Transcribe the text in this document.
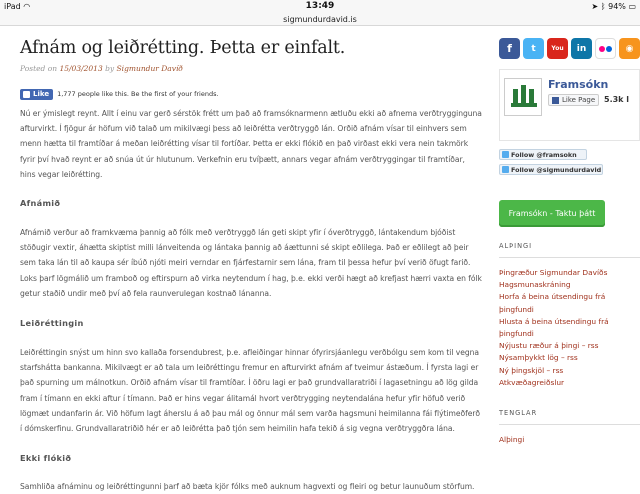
iPad ◠	13:49	➤ ᛒ 94% ▭
sigmundurdavid.is
Afnám og leiðrétting. Þetta er einfalt.
Posted on 15/03/2013 by Sigmundur Davíð
Like 1,777 people like this. Be the first of your friends.

Nú er ýmislegt reynt. Allt í einu var gerð sérstök frétt um það að framsóknarmenn ætluðu ekki að afnema verðtrygginguna afturvirkt. Í fjögur ár höfum við talað um mikilvægi þess að leiðrétta verðtryggð lán. Orðið afnám vísar til einhvers sem menn hætta til framtíðar á meðan leiðrétting vísar til fortíðar. Þetta er ekki flókið en það virðast ekki vera nein takmörk fyrir því hvað reynt er að snúa út úr hlutunum. Verkefnin eru tvíþætt, annars vegar afnám verðtryggingar til framtíðar, hins vegar leiðrétting.

Afnámið

Afnámið verður að framkvæma þannig að fólk með verðtryggð lán geti skipt yfir í óverðtryggð, lántakendum bjóðist stöðugir vextir, áhætta skiptist milli lánveitenda og lántaka þannig að áættunni sé skipt eðlilega. Það er eðlilegt að þeir sem taka lán til að kaupa sér íbúð njóti meiri verndar en fjárfestarnir sem lána, fram til þessa hefur því verið öfugt farið. Loks þarf lögmálið um framboð og eftirspurn að virka neytendum í hag, þ.e. ekki verði hægt að krefjast hærri vaxta en fólk getur staðið undir með því að fela raunverulegan kostnað lánanna.

Leiðréttingin

Leiðréttingin snýst um hinn svo kallaða forsendubrest, þ.e. afleiðingar hinnar ófyrirsjáanlegu verðbólgu sem kom til vegna starfshátta bankanna. Mikilvægt er að tala um leiðréttingu fremur en afturvirkt afnám af tveimur ástæðum. Í fyrsta lagi er það spurning um málnotkun. Orðið afnám vísar til framtíðar. Í öðru lagi er það grundvallaratriði í lagasetningu að lög gilda fram í tímann en ekki aftur í tímann. Það er hins vegar álitamál hvort verðtrygging neytendalána hefur yfir höfuð verið lögmæt undanfarin ár. Við höfum lagt áherslu á að þau mál og önnur mál sem varða hagsmuni heimilanna fái flýtimeðferð í dómskerfinu. Grundvallaratriðið hér er að leiðrétta það tjón sem heimilin hafa tekið á sig vegna verðtryggðra lána.

Ekki flókið

Samhliða afnáminu og leiðréttingunni þarf að bæta kjör fólks með auknum hagvexti og fleiri og betur launuðum störfum.

f	t	You	in	◉
Framsókn
Like Page 5.3k l
Follow @framsokn
Follow @sigmundurdavid
Framsókn - Taktu þátt
ALÞINGI
Þingræður Sigmundar Davíðs
Hagsmunaskráning
Horfa á beina útsendingu frá
þingfundi
Hlusta á beina útsendingu frá
þingfundi
Nýjustu ræður á þingi – rss
Nýsamþykkt lög – rss
Ný þingskjöl – rss
Atkvæðagreiðslur
TENGLAR
Alþingi
